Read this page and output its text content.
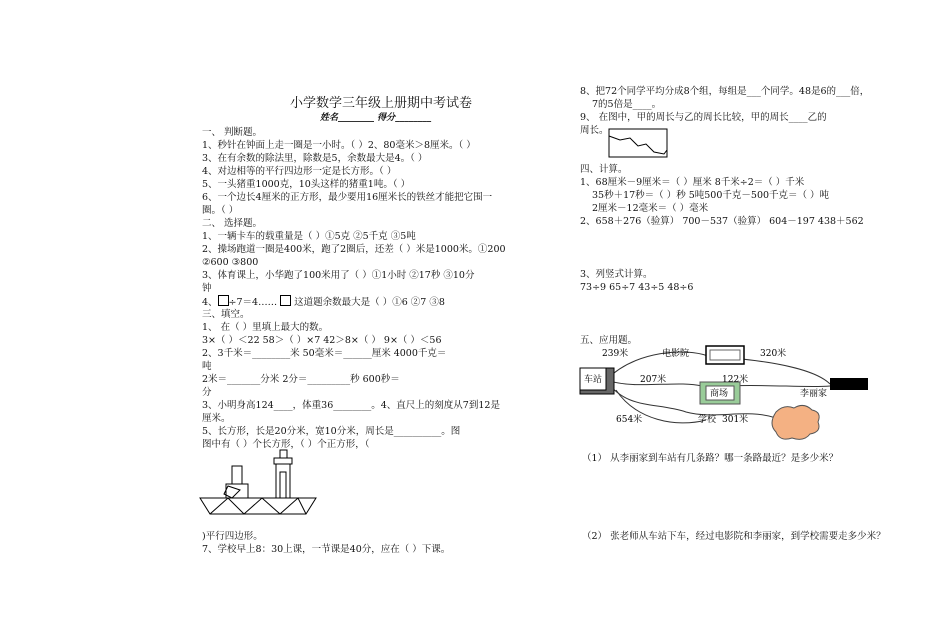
小学数学三年级上册期中考试卷
姓名________ 得分________
一、 判断题。
1、秒针在钟面上走一圈是一小时。（ ）2、80毫米＞8厘米。（ ）
3、在有余数的除法里，除数是5，余数最大是4。（ ）
4、对边相等的平行四边形一定是长方形。（ ）
5、一头猪重1000克，10头这样的猪重1吨。（ ）
6、一个边长4厘米的正方形，最少要用16厘米长的铁丝才能把它围一
圈。（ ）
二、 选择题。
1、一辆卡车的载重量是（ ）①5克 ②5千克 ③5吨
2、操场跑道一圈是400米，跑了2圈后，还差（ ）米是1000米。①200
②600 ③800
3、体育课上，小华跑了100米用了（ ）①1小时 ②17秒 ③10分
钟
4、 ÷7＝4…… 这道题余数最大是（ ）①6 ②7 ③8
三、填空。
1、 在（ ）里填上最大的数。
3×（ ）＜22 58＞（ ）×7 42＞8×（ ） 9×（ ）＜56
2、3千米＝________米 50毫米＝______厘米 4000千克＝
吨
2米＝_______分米 2分＝_________秒 600秒＝
分
3、小明身高124____，体重36________。4、直尺上的刻度从7到12是
厘米。
5、长方形，长是20分米，宽10分米，周长是__________。图
图中有（ ）个长方形，（ ）个正方形，（
)平行四边形。
7、学校早上8：30上课，一节课是40分，应在（ ）下课。
8、把72个同学平均分成8个组，每组是___个同学。48是6的___倍，
7的5倍是____。
9、 在图中，甲的周长与乙的周长比较，甲的周长____乙的
周长。
四、计算。
1、68厘米－9厘米＝（ ）厘米 8千米÷2＝（ ）千米
35秒＋17秒＝（ ）秒 5吨500千克－500千克＝（ ）吨
2厘米－12毫米＝（ ）毫米
2、658＋276（验算） 700－537（验算） 604－197 438＋562
3、列竖式计算。
73÷9 65÷7 43÷5 48÷6
五、应用题。
239米	电影院	320米
122米
车站	207米
商场	李丽家
654米	学校 301米
（1） 从李丽家到车站有几条路？哪一条路最近？是多少米？
（2） 张老师从车站下车，经过电影院和李丽家，到学校需要走多少米？
